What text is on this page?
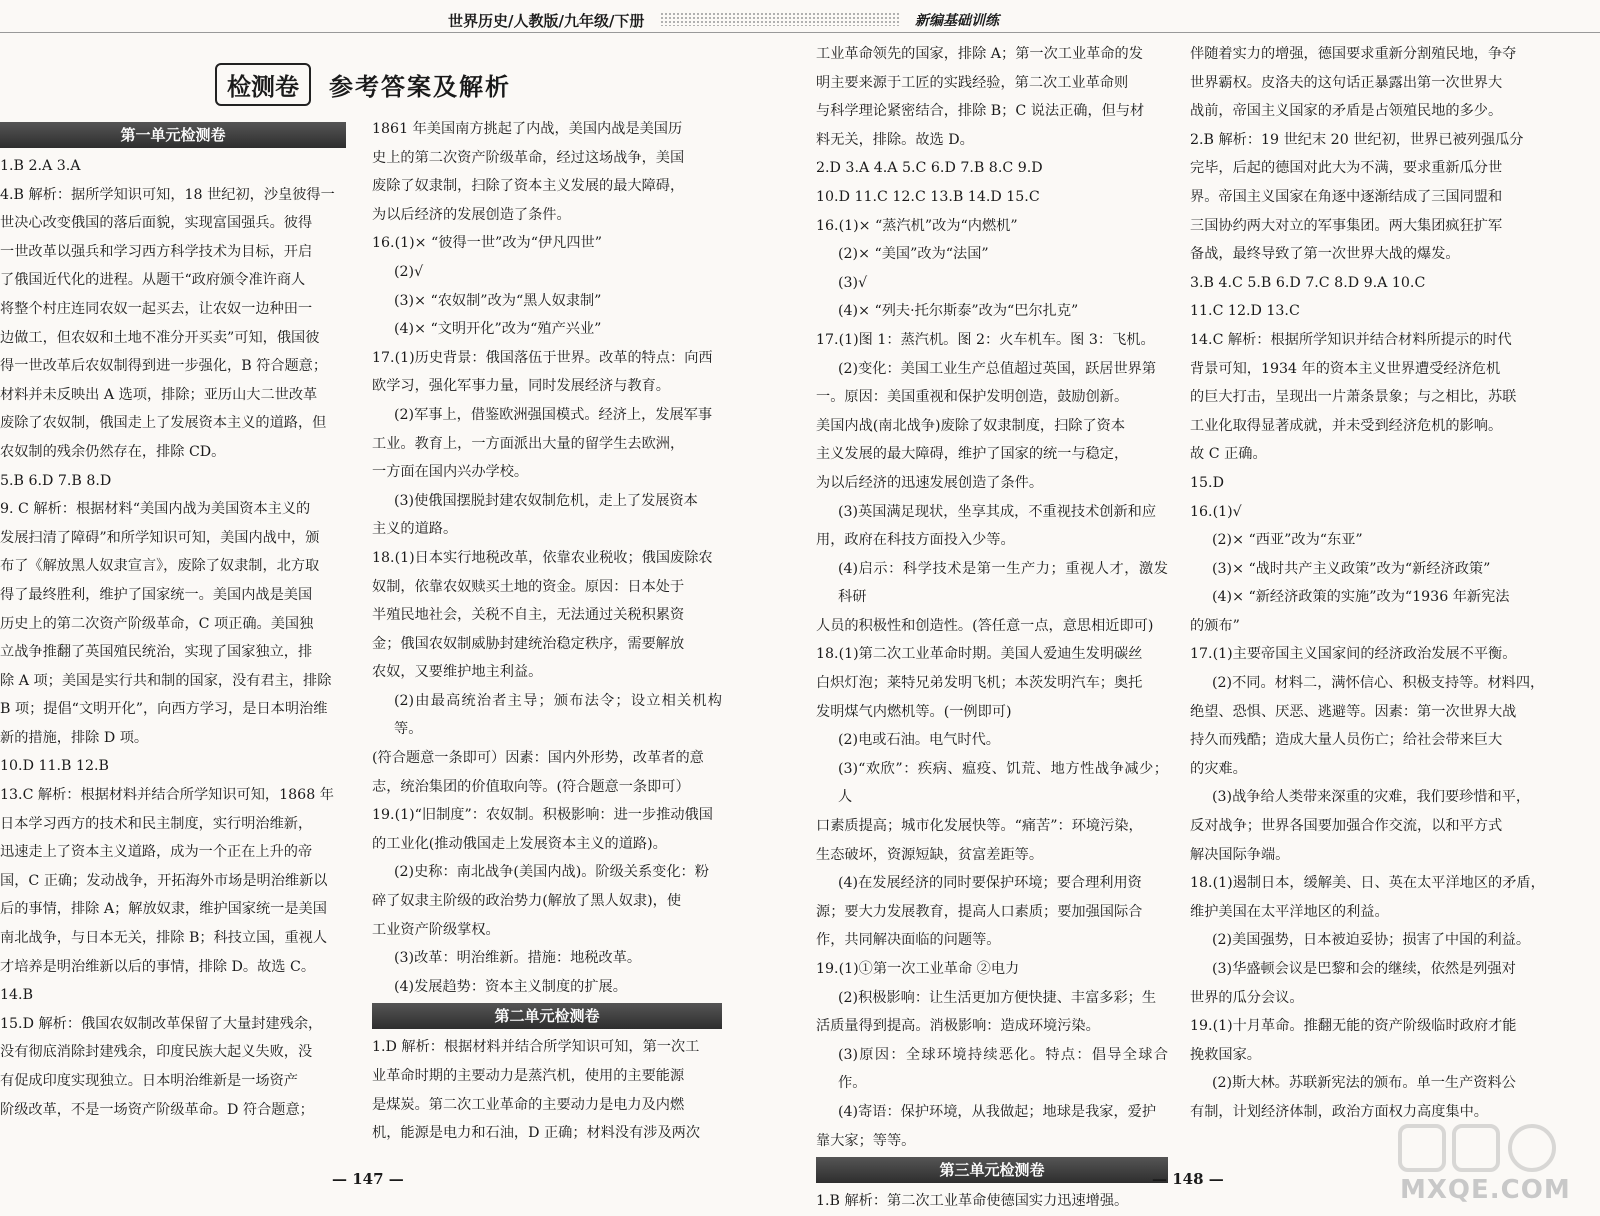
世界历史/人教版/九年级/下册	新编基础训练
检测卷	参考答案及解析
第一单元检测卷
1.B 2.A 3.A
4.B 解析：据所学知识可知，18 世纪初，沙皇彼得一
世决心改变俄国的落后面貌，实现富国强兵。彼得
一世改革以强兵和学习西方科学技术为目标，开启
了俄国近代化的进程。从题干“政府颁令准许商人
将整个村庄连同农奴一起买去，让农奴一边种田一
边做工，但农奴和土地不准分开买卖”可知，俄国彼
得一世改革后农奴制得到进一步强化，B 符合题意；
材料并未反映出 A 选项，排除；亚历山大二世改革
废除了农奴制，俄国走上了发展资本主义的道路，但
农奴制的残余仍然存在，排除 CD。
5.B 6.D 7.B 8.D
9. C 解析：根据材料“美国内战为美国资本主义的
发展扫清了障碍”和所学知识可知，美国内战中，颁
布了《解放黑人奴隶宣言》，废除了奴隶制，北方取
得了最终胜利，维护了国家统一。美国内战是美国
历史上的第二次资产阶级革命，C 项正确。美国独
立战争推翻了英国殖民统治，实现了国家独立，排
除 A 项；美国是实行共和制的国家，没有君主，排除
B 项；提倡“文明开化”，向西方学习，是日本明治维
新的措施，排除 D 项。
10.D 11.B 12.B
13.C 解析：根据材料并结合所学知识可知，1868 年
日本学习西方的技术和民主制度，实行明治维新，
迅速走上了资本主义道路，成为一个正在上升的帝
国，C 正确；发动战争，开拓海外市场是明治维新以
后的事情，排除 A；解放奴隶，维护国家统一是美国
南北战争，与日本无关，排除 B；科技立国，重视人
才培养是明治维新以后的事情，排除 D。故选 C。
14.B
15.D 解析：俄国农奴制改革保留了大量封建残余，
没有彻底消除封建残余，印度民族大起义失败，没
有促成印度实现独立。日本明治维新是一场资产
阶级改革，不是一场资产阶级革命。D 符合题意；
1861 年美国南方挑起了内战，美国内战是美国历
史上的第二次资产阶级革命，经过这场战争，美国
废除了奴隶制，扫除了资本主义发展的最大障碍，
为以后经济的发展创造了条件。
16.(1)× “彼得一世”改为“伊凡四世”
(2)√
(3)× “农奴制”改为“黑人奴隶制”
(4)× “文明开化”改为“殖产兴业”
17.(1)历史背景：俄国落伍于世界。改革的特点：向西
欧学习，强化军事力量，同时发展经济与教育。
(2)军事上，借鉴欧洲强国模式。经济上，发展军事
工业。教育上，一方面派出大量的留学生去欧洲，
一方面在国内兴办学校。
(3)使俄国摆脱封建农奴制危机，走上了发展资本
主义的道路。
18.(1)日本实行地税改革，依靠农业税收；俄国废除农
奴制，依靠农奴赎买土地的资金。原因：日本处于
半殖民地社会，关税不自主，无法通过关税积累资
金；俄国农奴制威胁封建统治稳定秩序，需要解放
农奴，又要维护地主利益。
(2)由最高统治者主导；颁布法令；设立相关机构等。
(符合题意一条即可）因素：国内外形势，改革者的意
志，统治集团的价值取向等。(符合题意一条即可）
19.(1)“旧制度”：农奴制。积极影响：进一步推动俄国
的工业化(推动俄国走上发展资本主义的道路)。
(2)史称：南北战争(美国内战)。阶级关系变化：粉
碎了奴隶主阶级的政治势力(解放了黑人奴隶)，使
工业资产阶级掌权。
(3)改革：明治维新。措施：地税改革。
(4)发展趋势：资本主义制度的扩展。
第二单元检测卷
1.D 解析：根据材料并结合所学知识可知，第一次工
业革命时期的主要动力是蒸汽机，使用的主要能源
是煤炭。第二次工业革命的主要动力是电力及内燃
机，能源是电力和石油，D 正确；材料没有涉及两次
工业革命领先的国家，排除 A；第一次工业革命的发
明主要来源于工匠的实践经验，第二次工业革命则
与科学理论紧密结合，排除 B；C 说法正确，但与材
料无关，排除。故选 D。
2.D 3.A 4.A 5.C 6.D 7.B 8.C 9.D
10.D 11.C 12.C 13.B 14.D 15.C
16.(1)× “蒸汽机”改为“内燃机”
(2)× “美国”改为“法国”
(3)√
(4)× “列夫·托尔斯泰”改为“巴尔扎克”
17.(1)图 1：蒸汽机。图 2：火车机车。图 3：飞机。
(2)变化：美国工业生产总值超过英国，跃居世界第
一。原因：美国重视和保护发明创造，鼓励创新。
美国内战(南北战争)废除了奴隶制度，扫除了资本
主义发展的最大障碍，维护了国家的统一与稳定，
为以后经济的迅速发展创造了条件。
(3)英国满足现状，坐享其成，不重视技术创新和应
用，政府在科技方面投入少等。
(4)启示：科学技术是第一生产力；重视人才，激发科研
人员的积极性和创造性。(答任意一点，意思相近即可)
18.(1)第二次工业革命时期。美国人爱迪生发明碳丝
白炽灯泡；莱特兄弟发明飞机；本茨发明汽车；奥托
发明煤气内燃机等。(一例即可)
(2)电或石油。电气时代。
(3)“欢欣”：疾病、瘟疫、饥荒、地方性战争减少；人
口素质提高；城市化发展快等。“痛苦”：环境污染，
生态破坏，资源短缺，贫富差距等。
(4)在发展经济的同时要保护环境；要合理利用资
源；要大力发展教育，提高人口素质；要加强国际合
作，共同解决面临的问题等。
19.(1)①第一次工业革命 ②电力
(2)积极影响：让生活更加方便快捷、丰富多彩；生
活质量得到提高。消极影响：造成环境污染。
(3)原因：全球环境持续恶化。特点：倡导全球合作。
(4)寄语：保护环境，从我做起；地球是我家，爱护
靠大家；等等。
第三单元检测卷
1.B 解析：第二次工业革命使德国实力迅速增强。
伴随着实力的增强，德国要求重新分割殖民地，争夺
世界霸权。皮洛夫的这句话正暴露出第一次世界大
战前，帝国主义国家的矛盾是占领殖民地的多少。
2.B 解析：19 世纪末 20 世纪初，世界已被列强瓜分
完毕，后起的德国对此大为不满，要求重新瓜分世
界。帝国主义国家在角逐中逐渐结成了三国同盟和
三国协约两大对立的军事集团。两大集团疯狂扩军
备战，最终导致了第一次世界大战的爆发。
3.B 4.C 5.B 6.D 7.C 8.D 9.A 10.C
11.C 12.D 13.C
14.C 解析：根据所学知识并结合材料所提示的时代
背景可知，1934 年的资本主义世界遭受经济危机
的巨大打击，呈现出一片萧条景象；与之相比，苏联
工业化取得显著成就，并未受到经济危机的影响。
故 C 正确。
15.D
16.(1)√
(2)× “西亚”改为“东亚”
(3)× “战时共产主义政策”改为“新经济政策”
(4)× “新经济政策的实施”改为“1936 年新宪法
的颁布”
17.(1)主要帝国主义国家间的经济政治发展不平衡。
(2)不同。材料二，满怀信心、积极支持等。材料四，
绝望、恐惧、厌恶、逃避等。因素：第一次世界大战
持久而残酷；造成大量人员伤亡；给社会带来巨大
的灾难。
(3)战争给人类带来深重的灾难，我们要珍惜和平，
反对战争；世界各国要加强合作交流，以和平方式
解决国际争端。
18.(1)遏制日本，缓解美、日、英在太平洋地区的矛盾，
维护美国在太平洋地区的利益。
(2)美国强势，日本被迫妥协；损害了中国的利益。
(3)华盛顿会议是巴黎和会的继续，依然是列强对
世界的瓜分会议。
19.(1)十月革命。推翻无能的资产阶级临时政府才能
挽救国家。
(2)斯大林。苏联新宪法的颁布。单一生产资料公
有制，计划经济体制，政治方面权力高度集中。
— 147 —	— 148 —	MXQE.COM
